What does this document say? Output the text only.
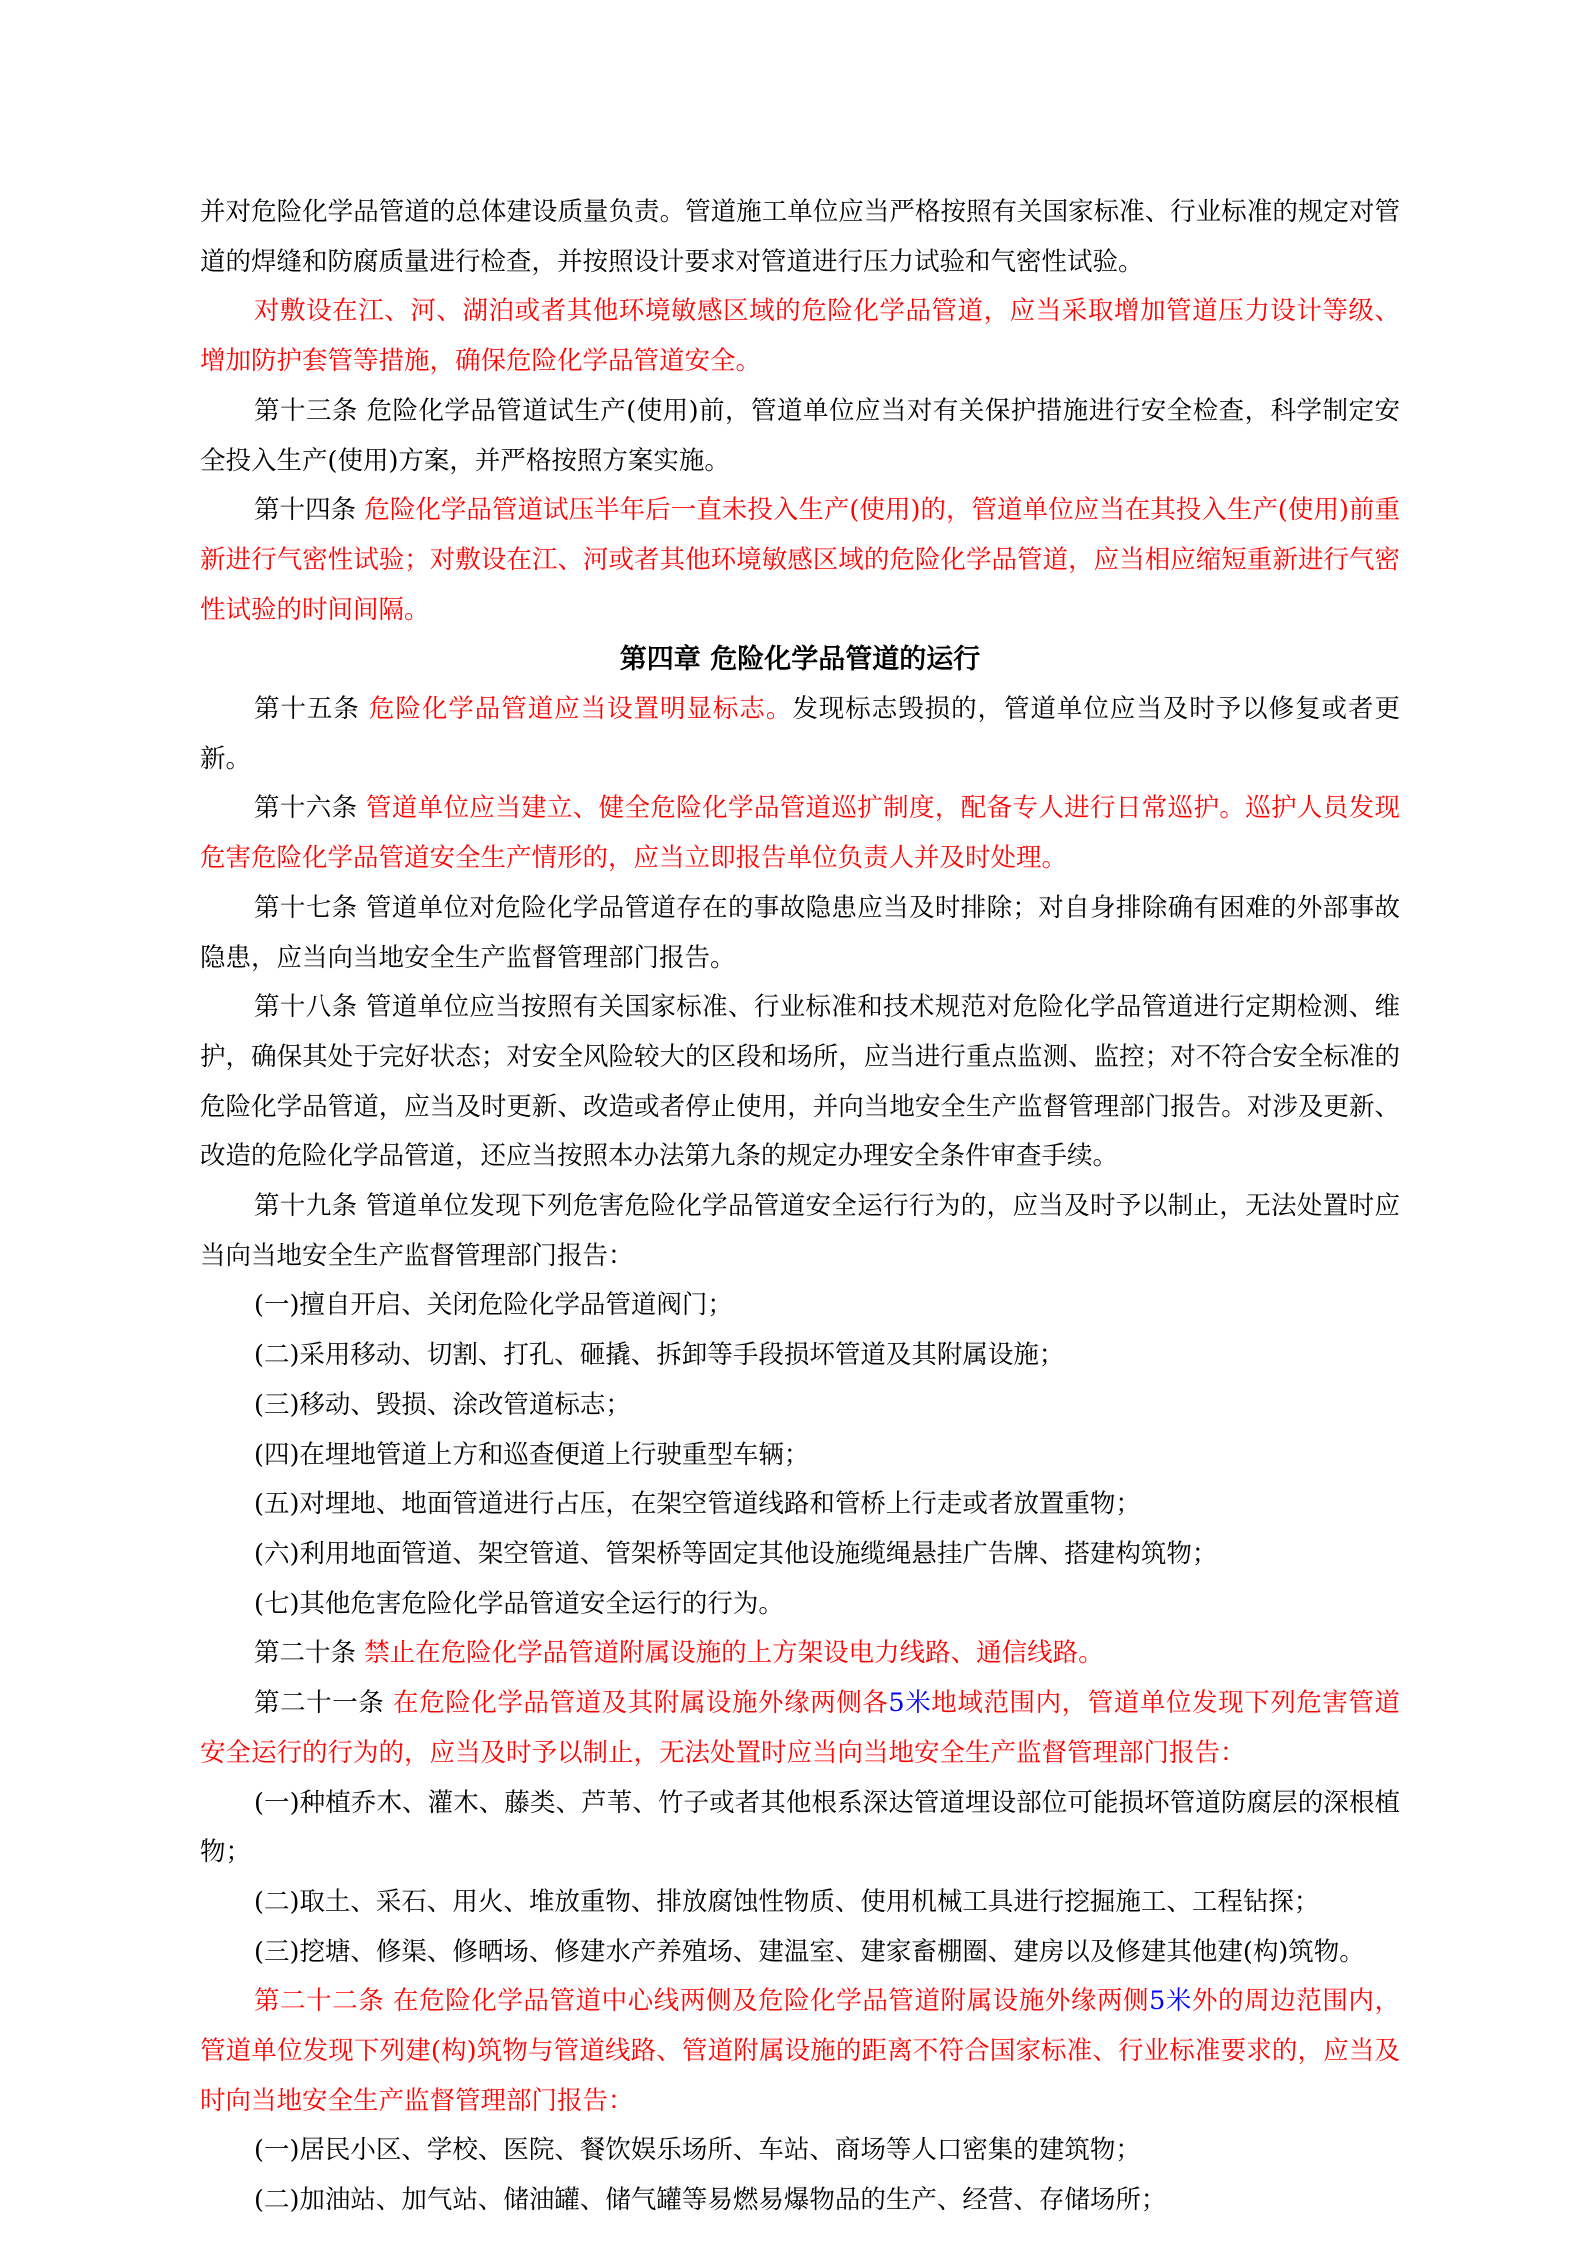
并对危险化学品管道的总体建设质量负责。管道施工单位应当严格按照有关国家标准、行业标准的规定对管道的焊缝和防腐质量进行检查，并按照设计要求对管道进行压力试验和气密性试验。
对敷设在江、河、湖泊或者其他环境敏感区域的危险化学品管道，应当采取增加管道压力设计等级、增加防护套管等措施，确保危险化学品管道安全。
第十三条 危险化学品管道试生产(使用)前，管道单位应当对有关保护措施进行安全检查，科学制定安全投入生产(使用)方案，并严格按照方案实施。
第十四条 危险化学品管道试压半年后一直未投入生产(使用)的，管道单位应当在其投入生产(使用)前重新进行气密性试验；对敷设在江、河或者其他环境敏感区域的危险化学品管道，应当相应缩短重新进行气密性试验的时间间隔。
第四章 危险化学品管道的运行
第十五条 危险化学品管道应当设置明显标志。发现标志毁损的，管道单位应当及时予以修复或者更新。
第十六条 管道单位应当建立、健全危险化学品管道巡扩制度，配备专人进行日常巡护。巡护人员发现危害危险化学品管道安全生产情形的，应当立即报告单位负责人并及时处理。
第十七条 管道单位对危险化学品管道存在的事故隐患应当及时排除；对自身排除确有困难的外部事故隐患，应当向当地安全生产监督管理部门报告。
第十八条 管道单位应当按照有关国家标准、行业标准和技术规范对危险化学品管道进行定期检测、维护，确保其处于完好状态；对安全风险较大的区段和场所，应当进行重点监测、监控；对不符合安全标准的危险化学品管道，应当及时更新、改造或者停止使用，并向当地安全生产监督管理部门报告。对涉及更新、改造的危险化学品管道，还应当按照本办法第九条的规定办理安全条件审查手续。
第十九条 管道单位发现下列危害危险化学品管道安全运行行为的，应当及时予以制止，无法处置时应当向当地安全生产监督管理部门报告：
(一)擅自开启、关闭危险化学品管道阀门；
(二)采用移动、切割、打孔、砸撬、拆卸等手段损坏管道及其附属设施；
(三)移动、毁损、涂改管道标志；
(四)在埋地管道上方和巡查便道上行驶重型车辆；
(五)对埋地、地面管道进行占压，在架空管道线路和管桥上行走或者放置重物；
(六)利用地面管道、架空管道、管架桥等固定其他设施缆绳悬挂广告牌、搭建构筑物；
(七)其他危害危险化学品管道安全运行的行为。
第二十条 禁止在危险化学品管道附属设施的上方架设电力线路、通信线路。
第二十一条 在危险化学品管道及其附属设施外缘两侧各5米地域范围内，管道单位发现下列危害管道安全运行的行为的，应当及时予以制止，无法处置时应当向当地安全生产监督管理部门报告：
(一)种植乔木、灌木、藤类、芦苇、竹子或者其他根系深达管道埋设部位可能损坏管道防腐层的深根植物；
(二)取土、采石、用火、堆放重物、排放腐蚀性物质、使用机械工具进行挖掘施工、工程钻探；
(三)挖塘、修渠、修晒场、修建水产养殖场、建温室、建家畜棚圈、建房以及修建其他建(构)筑物。
第二十二条 在危险化学品管道中心线两侧及危险化学品管道附属设施外缘两侧5米外的周边范围内，管道单位发现下列建(构)筑物与管道线路、管道附属设施的距离不符合国家标准、行业标准要求的，应当及时向当地安全生产监督管理部门报告：
(一)居民小区、学校、医院、餐饮娱乐场所、车站、商场等人口密集的建筑物；
(二)加油站、加气站、储油罐、储气罐等易燃易爆物品的生产、经营、存储场所；
